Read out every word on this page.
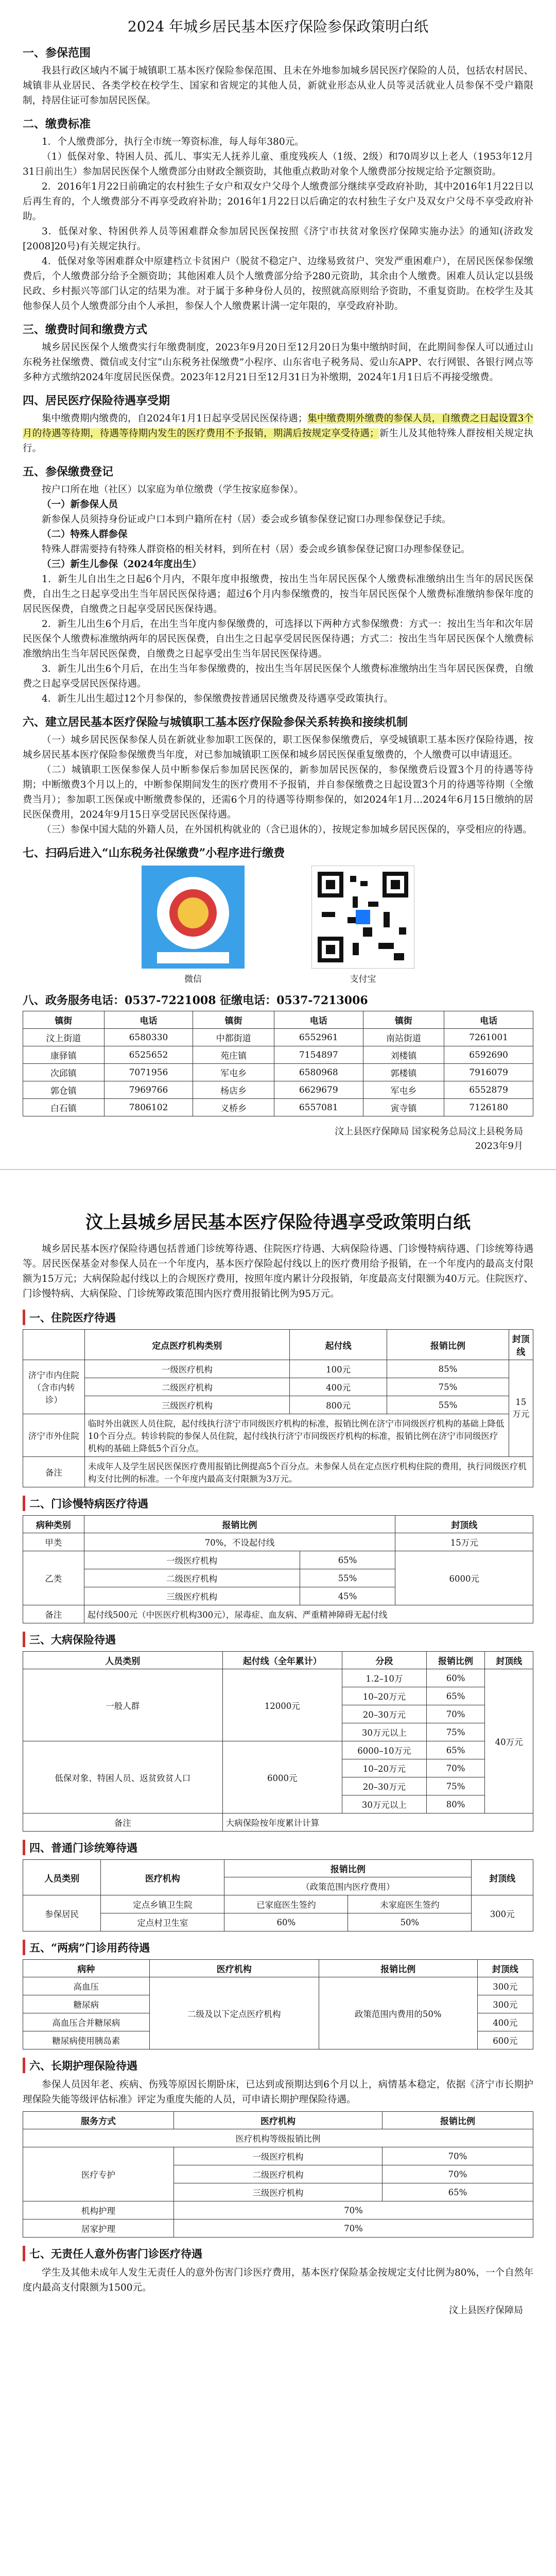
2024 年城乡居民基本医疗保险参保政策明白纸
一、参保范围

我县行政区域内不属于城镇职工基本医疗保险参保范围、且未在外地参加城乡居民医疗保险的人员，包括农村居民、城镇非从业居民、各类学校在校学生、国家和省规定的其他人员，新就业形态从业人员等灵活就业人员参保不受户籍限制，持居住证可参加居民医保。

二、缴费标准

1．个人缴费部分，执行全市统一筹资标准，每人每年380元。

（1）低保对象、特困人员、孤儿、事实无人抚养儿童、重度残疾人（1级、2级）和70周岁以上老人（1953年12月31日前出生）参加居民医保个人缴费部分由财政全额资助，其他重点救助对象个人缴费部分按规定给予定额资助。

2．2016年1月22日前确定的农村独生子女户和双女户父母个人缴费部分继续享受政府补助，其中2016年1月22日以后再生育的，个人缴费部分不再享受政府补助；2016年1月22日以后确定的农村独生子女户及双女户父母不享受政府补助。

3．低保对象、特困供养人员等困难群众参加居民医保按照《济宁市扶贫对象医疗保障实施办法》的通知(济政发[2008]20号)有关规定执行。

4．低保对象等困难群众中原建档立卡贫困户（脱贫不稳定户、边缘易致贫户、突发严重困难户），在居民医保参保缴费后，个人缴费部分给予全额资助；其他困难人员个人缴费部分给予280元资助，其余由个人缴费。困难人员认定以县级民政、乡村振兴等部门认定的结果为准。对于属于多种身份人员的，按照就高原则给予资助，不重复资助。在校学生及其他参保人员个人缴费部分由个人承担，参保人个人缴费累计满一定年限的，享受政府补助。

三、缴费时间和缴费方式

城乡居民医保个人缴费实行年缴费制度，2023年9月20日至12月20日为集中缴纳时间，在此期间参保人可以通过山东税务社保缴费、微信或支付宝“山东税务社保缴费”小程序、山东省电子税务局、爱山东APP、农行网银、各银行网点等多种方式缴纳2024年度居民医保费。2023年12月21日至12月31日为补缴期，2024年1月1日后不再接受缴费。

四、居民医疗保险待遇享受期

集中缴费期内缴费的，自2024年1月1日起享受居民医保待遇；集中缴费期外缴费的参保人员，自缴费之日起设置3个月的待遇等待期，待遇等待期内发生的医疗费用不予报销，期满后按规定享受待遇；新生儿及其他特殊人群按相关规定执行。

五、参保缴费登记

按户口所在地（社区）以家庭为单位缴费（学生按家庭参保）。

（一）新参保人员

新参保人员须持身份证或户口本到户籍所在村（居）委会或乡镇参保登记窗口办理参保登记手续。

（二）特殊人群参保

特殊人群需要持有特殊人群资格的相关材料，到所在村（居）委会或乡镇参保登记窗口办理参保登记。

（三）新生儿参保（2024年度出生）

1．新生儿自出生之日起6个月内，不限年度申报缴费，按出生当年居民医保个人缴费标准缴纳出生当年的居民医保费，自出生之日起享受出生当年居民医保待遇；超过6个月内参保缴费的，按当年居民医保个人缴费标准缴纳参保年度的居民医保费，自缴费之日起享受居民医保待遇。

2．新生儿出生6个月后，在出生当年度内参保缴费的，可选择以下两种方式参保缴费：方式一：按出生当年和次年居民医保个人缴费标准缴纳两年的居民医保费，自出生之日起享受居民医保待遇；方式二：按出生当年居民医保个人缴费标准缴纳出生当年居民医保费，自缴费之日起享受出生当年居民医保待遇。

3．新生儿出生6个月后，在出生当年参保缴费的，按出生当年居民医保个人缴费标准缴纳出生当年居民医保费，自缴费之日起享受居民医保待遇。

4．新生儿出生超过12个月参保的，参保缴费按普通居民缴费及待遇享受政策执行。

六、建立居民基本医疗保险与城镇职工基本医疗保险参保关系转换和接续机制

（一）城乡居民医保参保人员在新就业参加职工医保的，职工医保参保缴费后，享受城镇职工基本医疗保险待遇，按城乡居民基本医疗保险参保缴费当年度，对已参加城镇职工医保和城乡居民医保重复缴费的，个人缴费可以申请退还。

（二）城镇职工医保参保人员中断参保后参加居民医保的，新参加居民医保的，参保缴费后设置3个月的待遇等待期；中断缴费3个月以上的，中断参保期间发生的医疗费用不予报销，并自参保缴费之日起设置3个月的待遇等待期（全缴费当月）；参加职工医保或中断缴费参保的，还需6个月的待遇等待期参保的，如2024年1月…2024年6月15日缴纳的居民医保费用，2024年9月15日享受居民医保待遇。

（三）参保中国大陆的外籍人员，在外国机构就业的（含已退休的），按规定参加城乡居民医保的，享受相应的待遇。

七、扫码后进入“山东税务社保缴费”小程序进行缴费
微信	支付宝
八、政务服务电话：0537-7221008 征缴电话：0537-7213006
镇街	电话	镇街	电话	镇街	电话
汶上街道	6580330	中都街道	6552961	南站街道	7261001
康驿镇	6525652	苑庄镇	7154897	刘楼镇	6592690
次邱镇	7071956	军屯乡	6580968	郭楼镇	7916079
郭仓镇	7969766	杨店乡	6629679	军屯乡	6552879
白石镇	7806102	义桥乡	6557081	寅寺镇	7126180
汶上县医疗保障局 国家税务总局汶上县税务局
2023年9月
汶上县城乡居民基本医疗保险待遇享受政策明白纸

城乡居民基本医疗保险待遇包括普通门诊统筹待遇、住院医疗待遇、大病保险待遇、门诊慢特病待遇、门诊统筹待遇等。居民医保基金对参保人员在一个年度内，基本医疗保险起付线以上的医疗费用给予报销，在一个年度内的最高支付限额为15万元；大病保险起付线以上的合规医疗费用，按照年度内累计分段报销，年度最高支付限额为40万元。住院医疗、门诊慢特病、大病保险、门诊统筹政策范围内医疗费用报销比例为95万元。

一、住院医疗待遇
	定点医疗机构类别	起付线	报销比例	封顶线
济宁市内住院（含市内转诊）	一级医疗机构	100元	85%	15万元
	二级医疗机构	400元	75%	
	三级医疗机构	800元	55%	
济宁市外住院	临时外出就医人员住院，起付线执行济宁市同级医疗机构的标准，报销比例在济宁市同级医疗机构的基础上降低10个百分点。转诊转院的参保人员住院，起付线执行济宁市同级医疗机构的标准，报销比例在济宁市同级医疗机构的基础上降低5个百分点。			
备注	未成年人及学生居民医保医疗费用报销比例提高5个百分点。未参保人员在定点医疗机构住院的费用，执行同级医疗机构支付比例的标准。一个年度内最高支付限额为3万元。			
二、门诊慢特病医疗待遇
病种类别	报销比例		封顶线
甲类	70%，不设起付线		15万元
乙类	一级医疗机构	65%	6000元
	二级医疗机构	55%	
	三级医疗机构	45%	
备注	起付线500元（中医医疗机构300元），尿毒症、血友病、严重精神障碍无起付线		
三、大病保险待遇
人员类别	起付线（全年累计）	分段	报销比例	封顶线
一般人群	12000元	1.2–10万	60%	40万元
		10–20万元	65%	
		20–30万元	70%	
		30万元以上	75%	
低保对象、特困人员、返贫致贫人口	6000元	6000–10万元	65%	
		10–20万元	70%	
		20–30万元	75%	
		30万元以上	80%	
备注	大病保险按年度累计计算			
四、普通门诊统筹待遇
人员类别	医疗机构	报销比例		封顶线
		（政策范围内医疗费用）		
参保居民	定点乡镇卫生院	已家庭医生签约	未家庭医生签约	300元
	定点村卫生室	60%	50%	
五、“两病”门诊用药待遇
病种	医疗机构	报销比例	封顶线
高血压	二级及以下定点医疗机构	政策范围内费用的50%	300元
糖尿病			300元
高血压合并糖尿病			400元
糖尿病使用胰岛素			600元
六、长期护理保险待遇

参保人员因年老、疾病、伤残等原因长期卧床，已达到或预期达到6个月以上，病情基本稳定，依据《济宁市长期护理保险失能等级评估标准》评定为重度失能的人员，可申请长期护理保险待遇。

服务方式	医疗机构	报销比例
医疗机构等级报销比例		
医疗专护	一级医疗机构	70%
	二级医疗机构	70%
	三级医疗机构	65%
机构护理	70%	
居家护理	70%	
七、无责任人意外伤害门诊医疗待遇

学生及其他未成年人发生无责任人的意外伤害门诊医疗费用，基本医疗保险基金按规定支付比例为80%，一个自然年度内最高支付限额为1500元。

汶上县医疗保障局
